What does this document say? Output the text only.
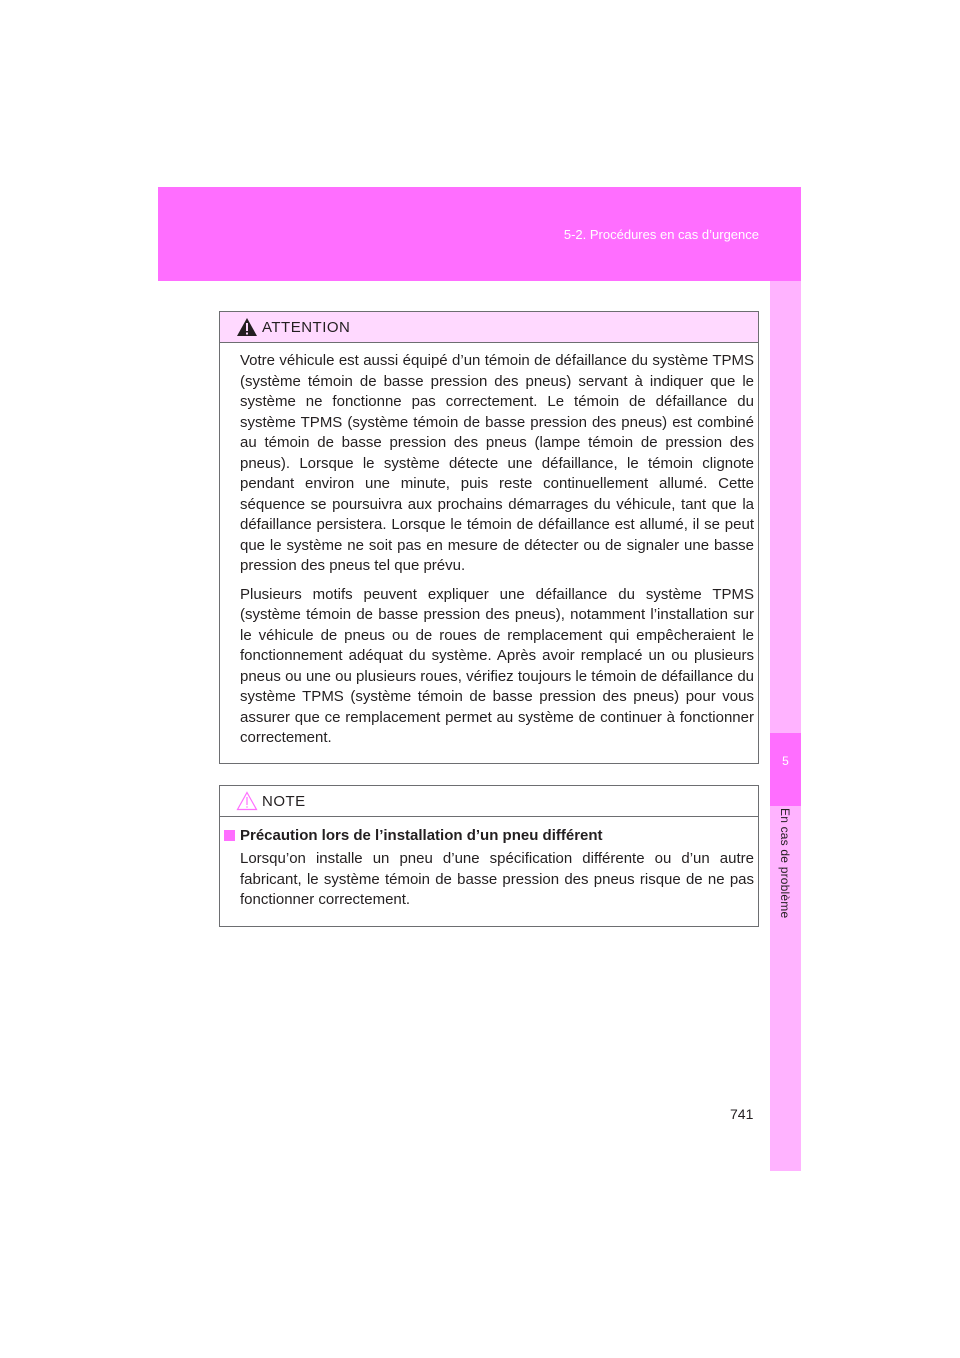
5-2. Procédures en cas d’urgence
5
En cas de problème
ATTENTION

Votre véhicule est aussi équipé d’un témoin de défaillance du système TPMS (système témoin de basse pression des pneus) servant à indiquer que le système ne fonctionne pas correctement. Le témoin de défaillance du système TPMS (système témoin de basse pression des pneus) est combiné au témoin de basse pression des pneus (lampe témoin de pression des pneus). Lorsque le système détecte une défaillance, le témoin clignote pendant environ une minute, puis reste continuellement allumé. Cette séquence se poursuivra aux prochains démarrages du véhicule, tant que la défaillance persistera. Lorsque le témoin de défaillance est allumé, il se peut que le système ne soit pas en mesure de détecter ou de signaler une basse pression des pneus tel que prévu.

Plusieurs motifs peuvent expliquer une défaillance du système TPMS (système témoin de basse pression des pneus), notamment l’installation sur le véhicule de pneus ou de roues de remplacement qui empêcheraient le fonctionnement adéquat du système. Après avoir remplacé un ou plusieurs pneus ou une ou plusieurs roues, vérifiez toujours le témoin de défaillance du système TPMS (système témoin de basse pression des pneus) pour vous assurer que ce remplacement permet au système de continuer à fonctionner correctement.

NOTE
Précaution lors de l’installation d’un pneu différent

Lorsqu’on installe un pneu d’une spécification différente ou d’un autre fabricant, le système témoin de basse pression des pneus risque de ne pas fonctionner correctement.

741
